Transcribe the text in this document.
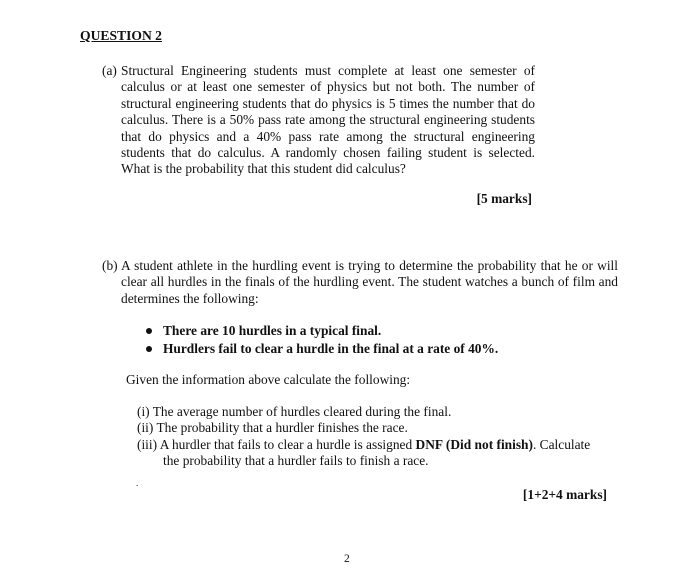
QUESTION 2
(a) Structural Engineering students must complete at least one semester of calculus or at least one semester of physics but not both. The number of structural engineering students that do physics is 5 times the number that do calculus. There is a 50% pass rate among the structural engineering students that do physics and a 40% pass rate among the structural engineering students that do calculus. A randomly chosen failing student is selected. What is the probability that this student did calculus?
[5 marks]
(b) A student athlete in the hurdling event is trying to determine the probability that he or will clear all hurdles in the finals of the hurdling event. The student watches a bunch of film and determines the following:
There are 10 hurdles in a typical final.
Hurdlers fail to clear a hurdle in the final at a rate of 40%.
Given the information above calculate the following:
(i) The average number of hurdles cleared during the final.
(ii) The probability that a hurdler finishes the race.
(iii) A hurdler that fails to clear a hurdle is assigned DNF (Did not finish). Calculate
the probability that a hurdler fails to finish a race.
.
[1+2+4 marks]
2
